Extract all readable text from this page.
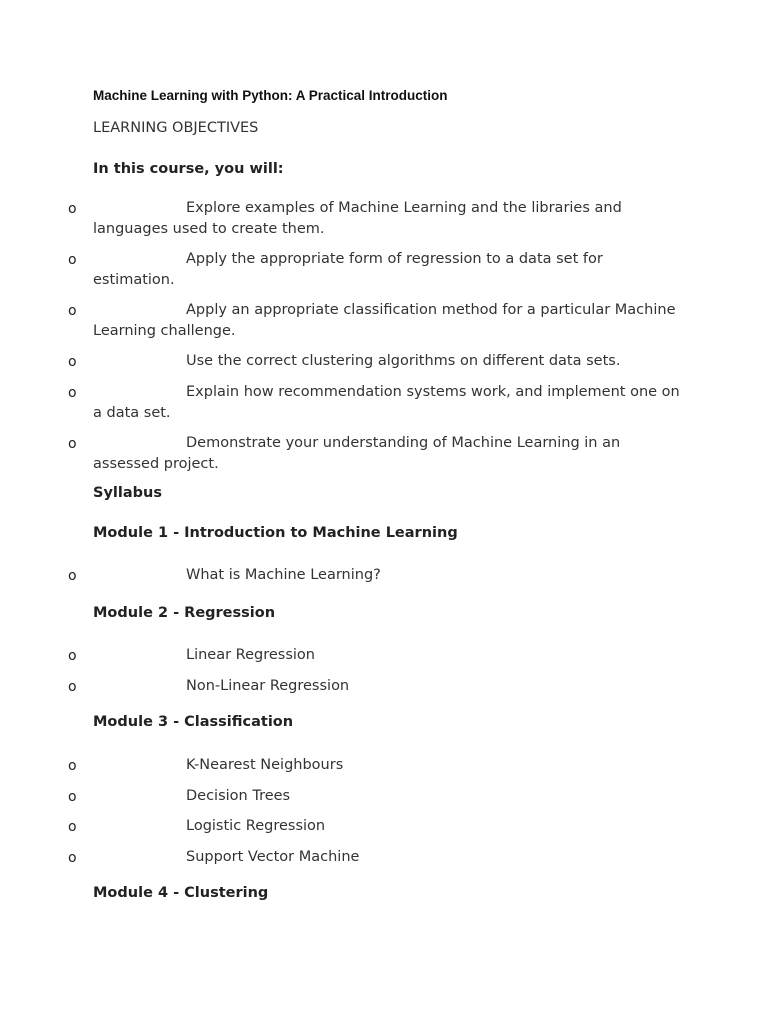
Machine Learning with Python: A Practical Introduction
LEARNING OBJECTIVES
In this course, you will:
o	Explore examples of Machine Learning and the libraries and languages used to create them.
o	Apply the appropriate form of regression to a data set for estimation.
o	Apply an appropriate classification method for a particular Machine Learning challenge.
o	Use the correct clustering algorithms on different data sets.
o	Explain how recommendation systems work, and implement one on a data set.
o	Demonstrate your understanding of Machine Learning in an assessed project.
Syllabus
Module 1 - Introduction to Machine Learning
o	What is Machine Learning?
Module 2 - Regression
o	Linear Regression
o	Non-Linear Regression
Module 3 - Classification
o	K-Nearest Neighbours
o	Decision Trees
o	Logistic Regression
o	Support Vector Machine
Module 4 - Clustering
